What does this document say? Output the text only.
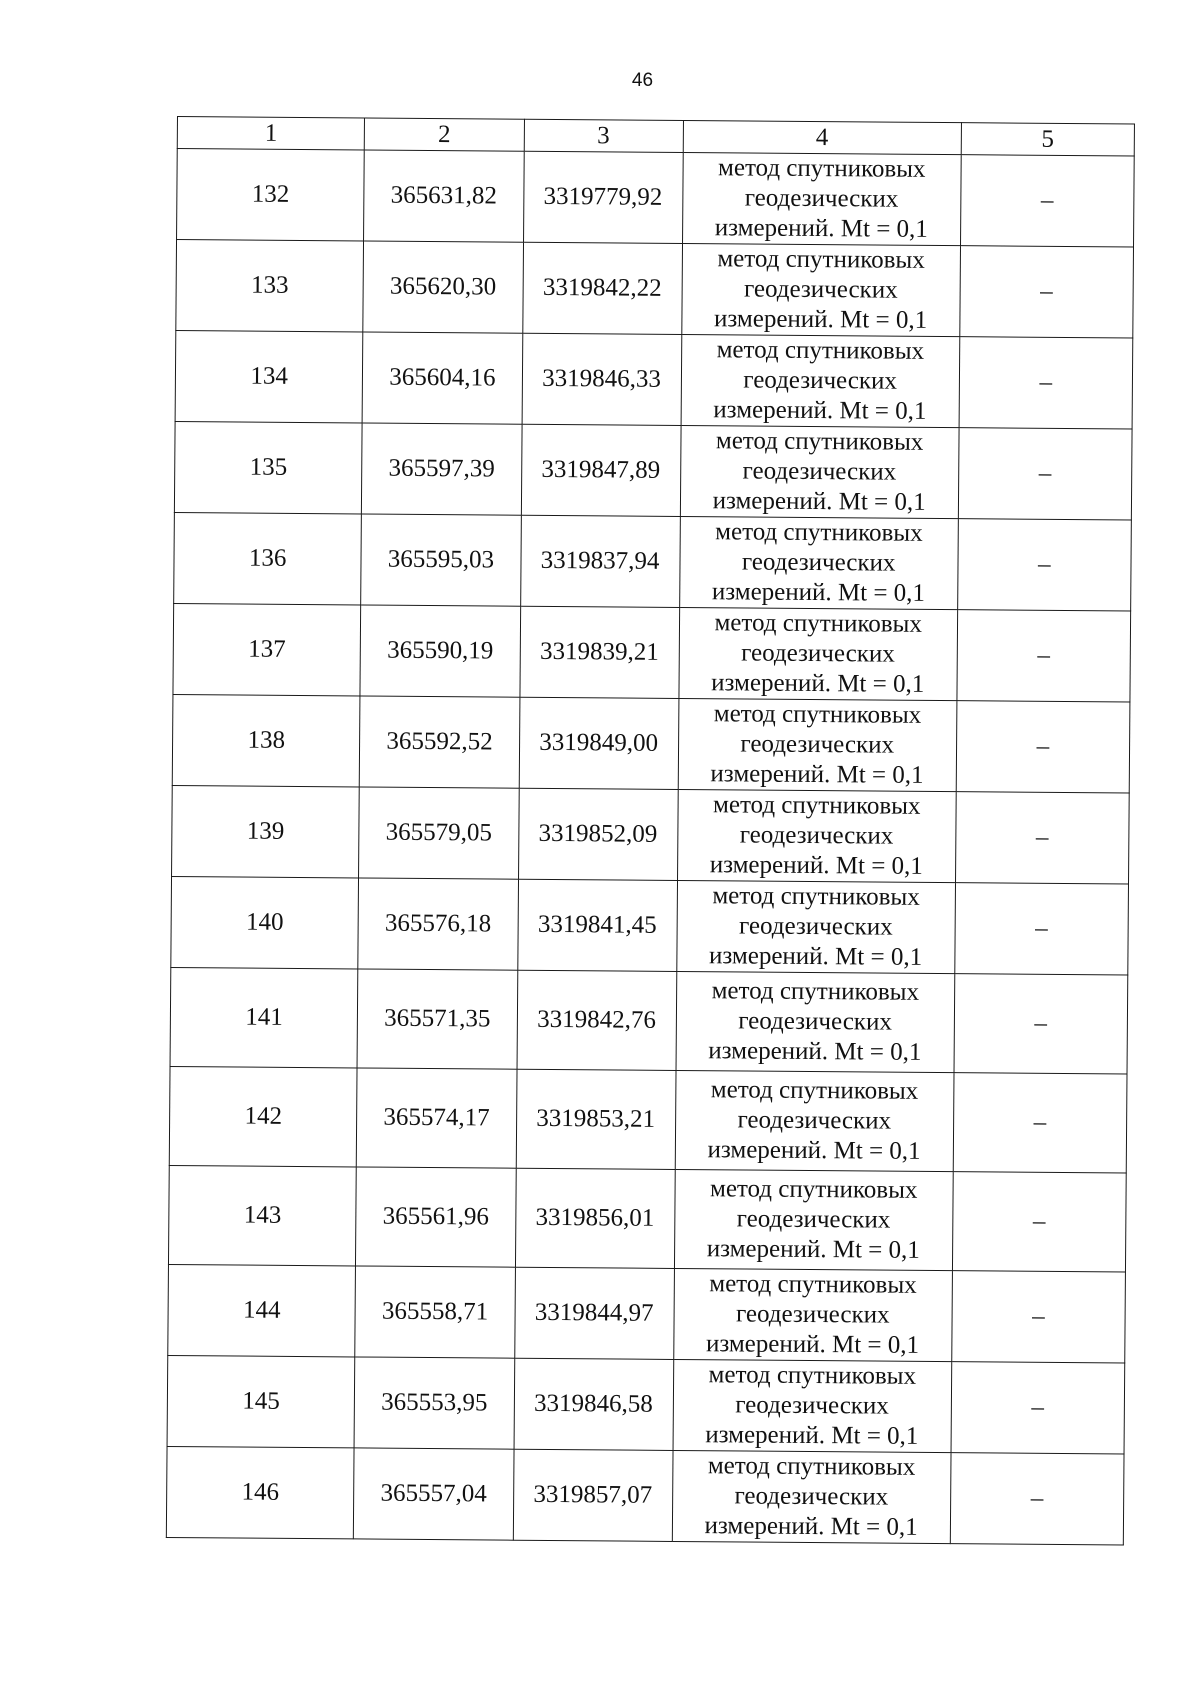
46
1	2	3	4	5
132	365631,82	3319779,92	метод спутниковых
геодезических
измерений. Mt = 0,1	–
133	365620,30	3319842,22	метод спутниковых
геодезических
измерений. Mt = 0,1	–
134	365604,16	3319846,33	метод спутниковых
геодезических
измерений. Mt = 0,1	–
135	365597,39	3319847,89	метод спутниковых
геодезических
измерений. Mt = 0,1	–
136	365595,03	3319837,94	метод спутниковых
геодезических
измерений. Mt = 0,1	–
137	365590,19	3319839,21	метод спутниковых
геодезических
измерений. Mt = 0,1	–
138	365592,52	3319849,00	метод спутниковых
геодезических
измерений. Mt = 0,1	–
139	365579,05	3319852,09	метод спутниковых
геодезических
измерений. Mt = 0,1	–
140	365576,18	3319841,45	метод спутниковых
геодезических
измерений. Mt = 0,1	–
141	365571,35	3319842,76	метод спутниковых
геодезических
измерений. Mt = 0,1	–
142	365574,17	3319853,21	метод спутниковых
геодезических
измерений. Mt = 0,1	–
143	365561,96	3319856,01	метод спутниковых
геодезических
измерений. Mt = 0,1	–
144	365558,71	3319844,97	метод спутниковых
геодезических
измерений. Mt = 0,1	–
145	365553,95	3319846,58	метод спутниковых
геодезических
измерений. Mt = 0,1	–
146	365557,04	3319857,07	метод спутниковых
геодезических
измерений. Mt = 0,1	–
